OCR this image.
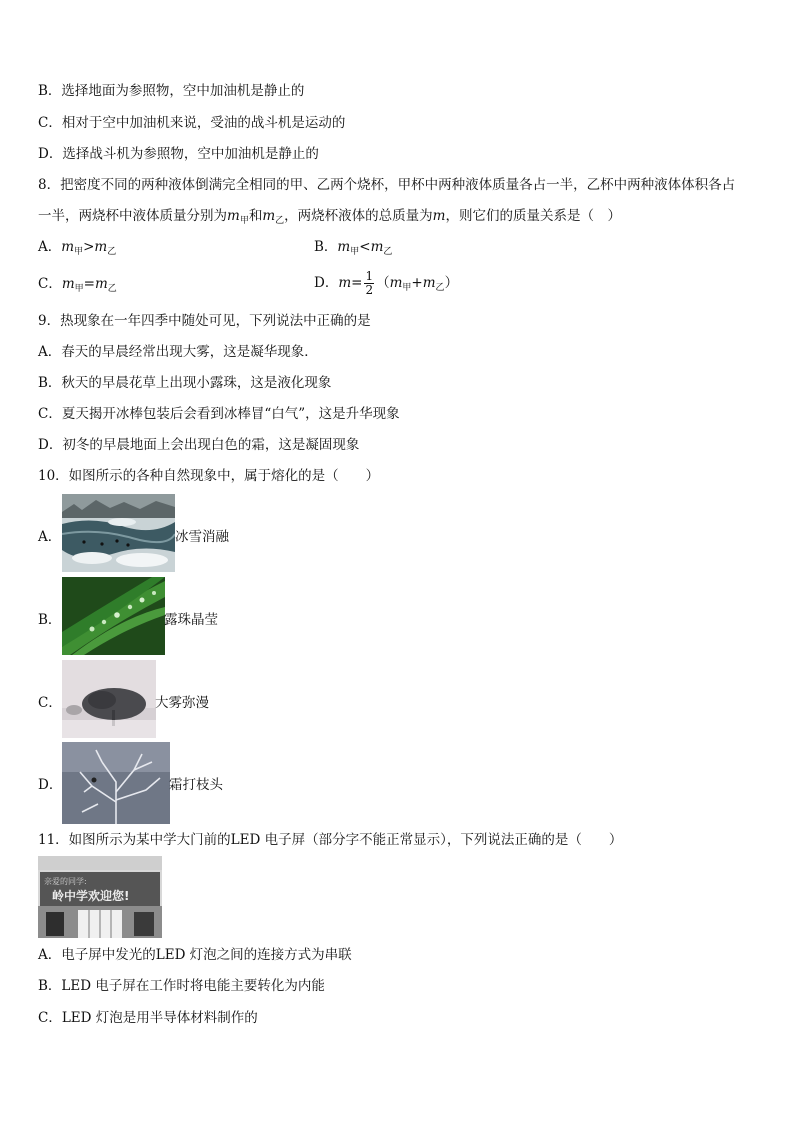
B．选择地面为参照物，空中加油机是静止的
C．相对于空中加油机来说，受油的战斗机是运动的
D．选择战斗机为参照物，空中加油机是静止的
8．把密度不同的两种液体倒满完全相同的甲、乙两个烧杯，甲杯中两种液体质量各占一半，乙杯中两种液体体积各占
一半，两烧杯中液体质量分别为$m_甲$和$m_乙$，两烧杯液体的总质量为m，则它们的质量关系是（　）
A．$m_甲>m_乙$	B．$m_甲<m_乙$
C．$m_甲=m_乙$	D．$m= \frac{1}{2} (m_甲+m_乙)$
9．热现象在一年四季中随处可见，下列说法中正确的是
A．春天的早晨经常出现大雾，这是凝华现象．
B．秋天的早晨花草上出现小露珠，这是液化现象
C．夏天揭开冰棒包装后会看到冰棒冒“白气”，这是升华现象
D．初冬的早晨地面上会出现白色的霜，这是凝固现象
10．如图所示的各种自然现象中，属于熔化的是（　　）
A．	冰雪消融
B．	露珠晶莹
C．	大雾弥漫
D．	霜打枝头
11．如图所示为某中学大门前的LED 电子屏（部分字不能正常显示），下列说法正确的是（　　）
亲爱的同学:
岭中学欢迎您!
A．电子屏中发光的LED 灯泡之间的连接方式为串联
B．LED 电子屏在工作时将电能主要转化为内能
C．LED 灯泡是用半导体材料制作的
